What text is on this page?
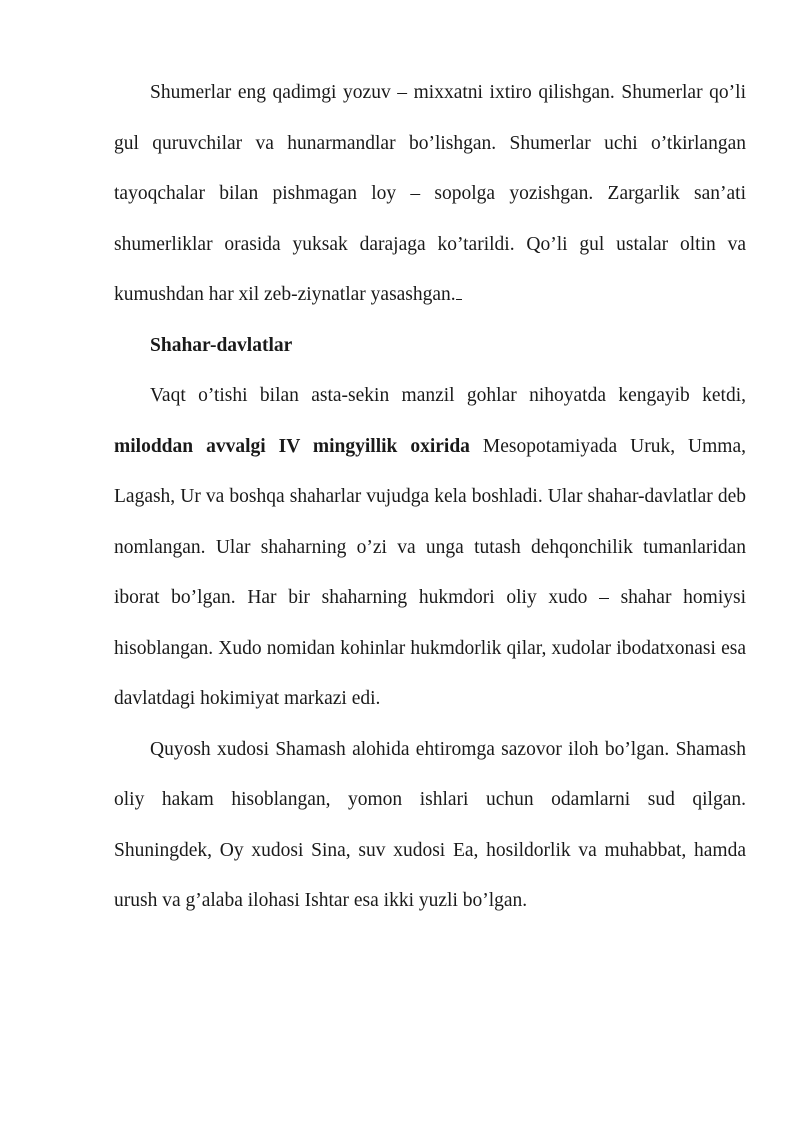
Shumerlar eng qadimgi yozuv – mixxatni ixtiro qilishgan. Shumerlar qo’li gul quruvchilar va hunarmandlar bo’lishgan. Shumerlar uchi o’tkirlangan tayoqchalar bilan pishmagan loy – sopolga yozishgan. Zargarlik san’ati shumerliklar orasida yuksak darajaga ko’tarildi. Qo’li gul ustalar oltin va kumushdan har xil zeb-ziynatlar yasashgan.

Shahar-davlatlar

Vaqt o’tishi bilan asta-sekin manzil gohlar nihoyatda kengayib ketdi, miloddan avvalgi IV mingyillik oxirida Mesopotamiyada Uruk, Umma, Lagash, Ur va boshqa shaharlar vujudga kela boshladi. Ular shahar-davlatlar deb nomlangan. Ular shaharning o’zi va unga tutash dehqonchilik tumanlaridan iborat bo’lgan. Har bir shaharning hukmdori oliy xudo – shahar homiysi hisoblangan. Xudo nomidan kohinlar hukmdorlik qilar, xudolar ibodatxonasi esa davlatdagi hokimiyat markazi edi.

Quyosh xudosi Shamash alohida ehtiromga sazovor iloh bo’lgan. Shamash oliy hakam hisoblangan, yomon ishlari uchun odamlarni sud qilgan. Shuningdek, Oy xudosi Sina, suv xudosi Ea, hosildorlik va muhabbat, hamda urush va g’alaba ilohasi Ishtar esa ikki yuzli bo’lgan.
